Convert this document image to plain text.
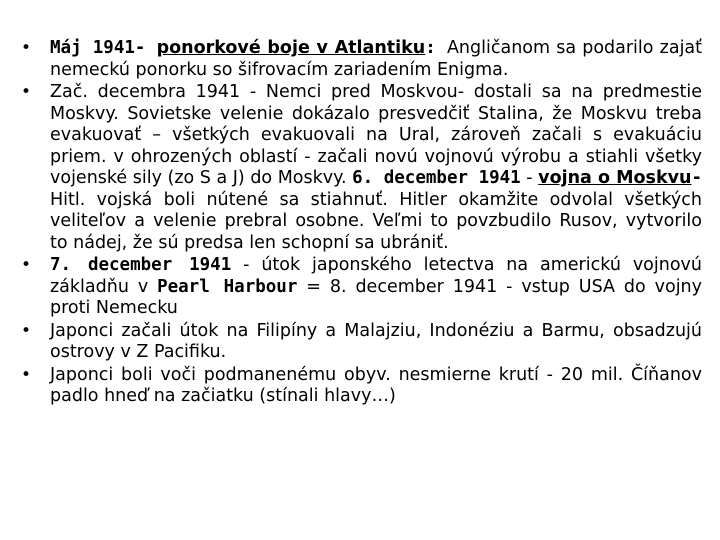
• Máj 1941- ponorkové boje v Atlantiku: Angličanom sa podarilo zajať nemeckú ponorku so šifrovacím zariadením Enigma.
• Zač. decembra 1941 - Nemci pred Moskvou- dostali sa na predmestie Moskvy. Sovietske velenie dokázalo presvedčiť Stalina, že Moskvu treba evakuovať – všetkých evakuovali na Ural, zároveň začali s evakuáciu priem. v ohrozených oblastí - začali novú vojnovú výrobu a stiahli všetky vojenské sily (zo S a J) do Moskvy. 6. december 1941 - vojna o Moskvu- Hitl. vojská boli nútené sa stiahnuť. Hitler okamžite odvolal všetkých veliteľov a velenie prebral osobne. Veľmi to povzbudilo Rusov, vytvorilo to nádej, že sú predsa len schopní sa ubrániť.
• 7. december 1941 - útok japonského letectva na americkú vojnovú základňu v Pearl Harbour = 8. december 1941 - vstup USA do vojny proti Nemecku
• Japonci začali útok na Filipíny a Malajziu, Indonéziu a Barmu, obsadzujú ostrovy v Z Pacifiku.
• Japonci boli voči podmanenému obyv. nesmierne krutí - 20 mil. Číňanov padlo hneď na začiatku (stínali hlavy…)
